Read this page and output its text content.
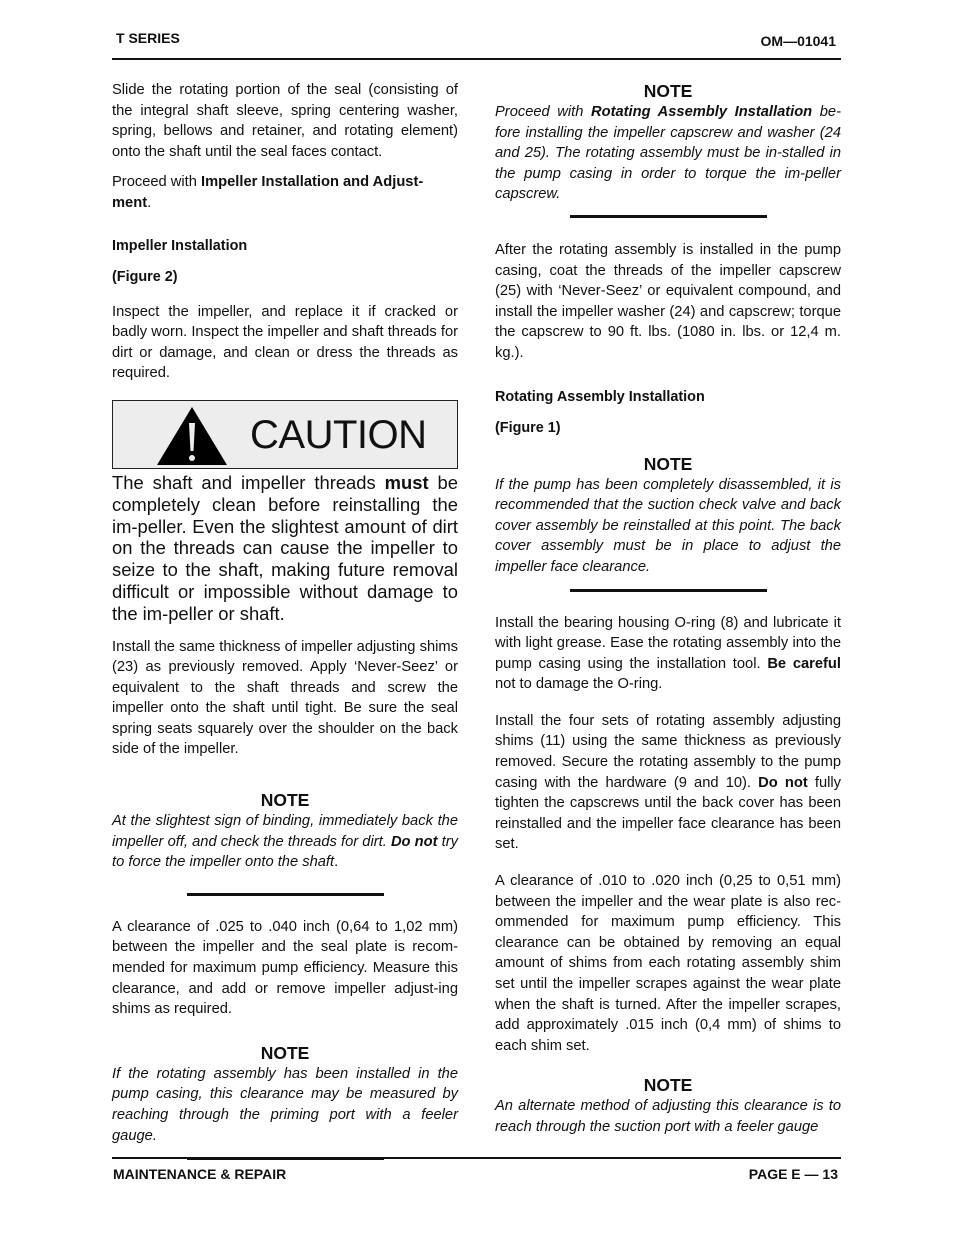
T SERIES	OM—01041

Slide the rotating portion of the seal (consisting of the integral shaft sleeve, spring centering washer, spring, bellows and retainer, and rotating element) onto the shaft until the seal faces contact.

Proceed with Impeller Installation and Adjust-ment.

Impeller Installation
(Figure 2)

Inspect the impeller, and replace it if cracked or badly worn. Inspect the impeller and shaft threads for dirt or damage, and clean or dress the threads as required.

CAUTION

The shaft and impeller threads must be completely clean before reinstalling the im-peller. Even the slightest amount of dirt on the threads can cause the impeller to seize to the shaft, making future removal difficult or impossible without damage to the im-peller or shaft.

Install the same thickness of impeller adjusting shims (23) as previously removed. Apply ‘Never-Seez’ or equivalent to the shaft threads and screw the impeller onto the shaft until tight. Be sure the seal spring seats squarely over the shoulder on the back side of the impeller.

NOTE

At the slightest sign of binding, immediately back the impeller off, and check the threads for dirt. Do not try to force the impeller onto the shaft.

A clearance of .025 to .040 inch (0,64 to 1,02 mm) between the impeller and the seal plate is recom-mended for maximum pump efficiency. Measure this clearance, and add or remove impeller adjust-ing shims as required.

NOTE

If the rotating assembly has been installed in the pump casing, this clearance may be measured by reaching through the priming port with a feeler gauge.

NOTE

Proceed with Rotating Assembly Installation be-fore installing the impeller capscrew and washer (24 and 25). The rotating assembly must be in-stalled in the pump casing in order to torque the im-peller capscrew.

After the rotating assembly is installed in the pump casing, coat the threads of the impeller capscrew (25) with ‘Never-Seez’ or equivalent compound, and install the impeller washer (24) and capscrew; torque the capscrew to 90 ft. lbs. (1080 in. lbs. or 12,4 m. kg.).

Rotating Assembly Installation
(Figure 1)
NOTE

If the pump has been completely disassembled, it is recommended that the suction check valve and back cover assembly be reinstalled at this point. The back cover assembly must be in place to adjust the impeller face clearance.

Install the bearing housing O-ring (8) and lubricate it with light grease. Ease the rotating assembly into the pump casing using the installation tool. Be careful not to damage the O-ring.

Install the four sets of rotating assembly adjusting shims (11) using the same thickness as previously removed. Secure the rotating assembly to the pump casing with the hardware (9 and 10). Do not fully tighten the capscrews until the back cover has been reinstalled and the impeller face clearance has been set.

A clearance of .010 to .020 inch (0,25 to 0,51 mm) between the impeller and the wear plate is also rec-ommended for maximum pump efficiency. This clearance can be obtained by removing an equal amount of shims from each rotating assembly shim set until the impeller scrapes against the wear plate when the shaft is turned. After the impeller scrapes, add approximately .015 inch (0,4 mm) of shims to each shim set.

NOTE

An alternate method of adjusting this clearance is to reach through the suction port with a feeler gauge

MAINTENANCE & REPAIR	PAGE E — 13
